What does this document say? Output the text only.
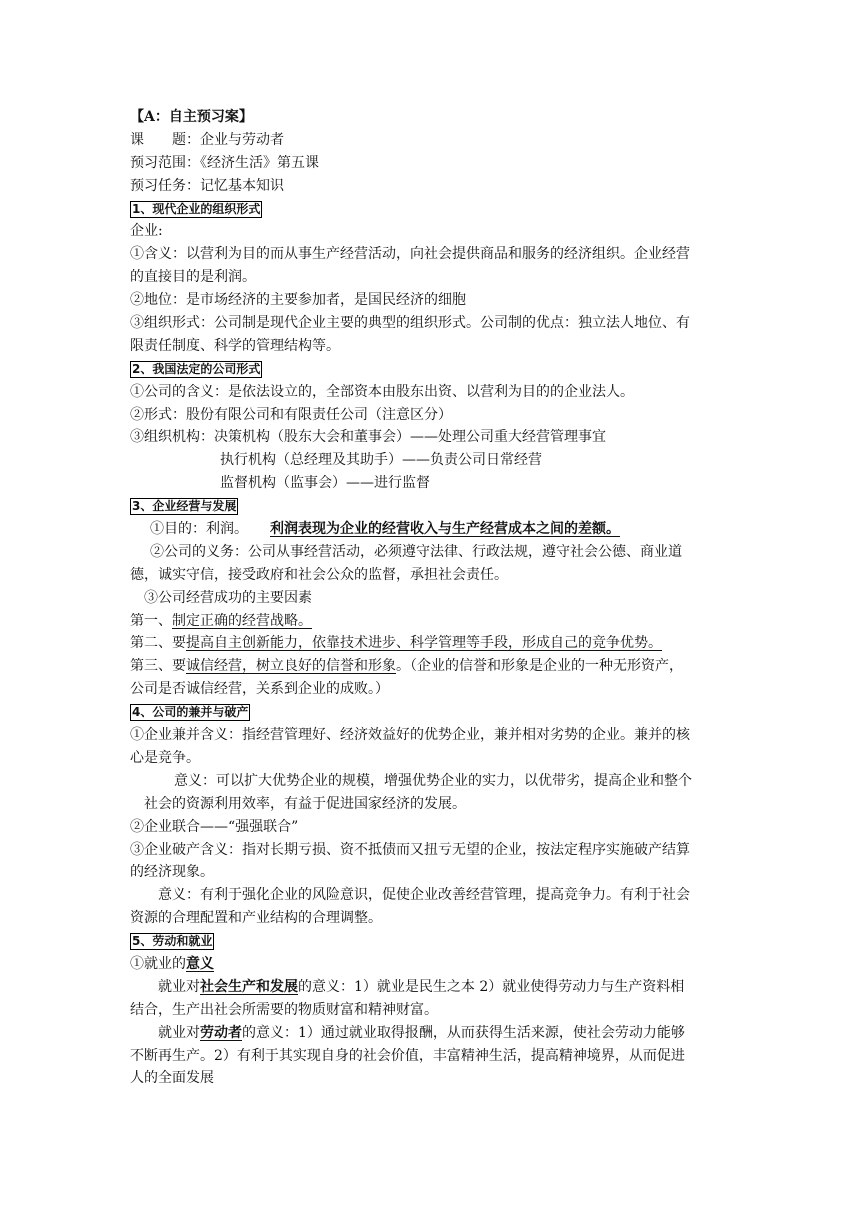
【A：自主预习案】
课　　题：企业与劳动者
预习范围：《经济生活》第五课
预习任务：记忆基本知识
1、现代企业的组织形式
企业:
①含义：以营利为目的而从事生产经营活动，向社会提供商品和服务的经济组织。企业经营
的直接目的是利润。
②地位：是市场经济的主要参加者，是国民经济的细胞
③组织形式：公司制是现代企业主要的典型的组织形式。公司制的优点：独立法人地位、有
限责任制度、科学的管理结构等。
2、我国法定的公司形式
①公司的含义：是依法设立的，全部资本由股东出资、以营利为目的的企业法人。
②形式：股份有限公司和有限责任公司（注意区分）
③组织机构：决策机构（股东大会和董事会）——处理公司重大经营管理事宜
执行机构（总经理及其助手）——负责公司日常经营
监督机构（监事会）——进行监督
3、企业经营与发展
①目的：利润。 利润表现为企业的经营收入与生产经营成本之间的差额。
②公司的义务：公司从事经营活动，必须遵守法律、行政法规，遵守社会公德、商业道
德，诚实守信，接受政府和社会公众的监督，承担社会责任。
③公司经营成功的主要因素
第一、制定正确的经营战略。
第二、要提高自主创新能力，依靠技术进步、科学管理等手段，形成自己的竞争优势。
第三、要诚信经营，树立良好的信誉和形象。（企业的信誉和形象是企业的一种无形资产，
公司是否诚信经营，关系到企业的成败。）
4、公司的兼并与破产
①企业兼并含义：指经营管理好、经济效益好的优势企业，兼并相对劣势的企业。兼并的核
心是竞争。
意义：可以扩大优势企业的规模，增强优势企业的实力，以优带劣，提高企业和整个
社会的资源利用效率，有益于促进国家经济的发展。
②企业联合——“强强联合”
③企业破产含义：指对长期亏损、资不抵债而又扭亏无望的企业，按法定程序实施破产结算
的经济现象。
意义：有利于强化企业的风险意识，促使企业改善经营管理，提高竞争力。有利于社会
资源的合理配置和产业结构的合理调整。
5、劳动和就业
①就业的意义
就业对社会生产和发展的意义：1）就业是民生之本 2）就业使得劳动力与生产资料相
结合，生产出社会所需要的物质财富和精神财富。
就业对劳动者的意义：1）通过就业取得报酬，从而获得生活来源，使社会劳动力能够
不断再生产。2）有利于其实现自身的社会价值，丰富精神生活，提高精神境界，从而促进
人的全面发展
